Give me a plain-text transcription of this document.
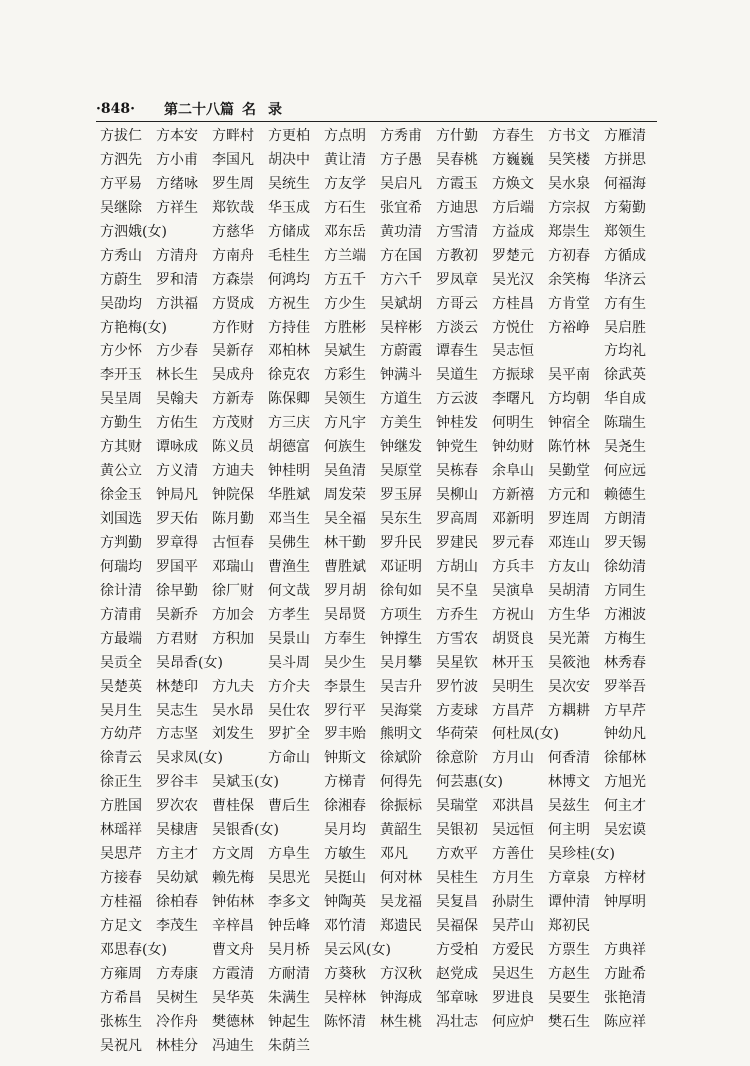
·848·	第二十八篇 名录
方拔仁 方本安 方畔村 方更柏 方点明 方秀甫 方什勤 方春生 方书文 方雁清
方泗先 方小甫 李国凡 胡决中 黄让清 方子愚 吴春桃 方巍巍 吴笑楼 方拼思
方平易 方绪咏 罗生周 吴统生 方友学 吴启凡 方霞玉 方焕文 吴水泉 何福海
吴继除 方祥生 郑钦哉 华玉成 方石生 张宜希 方迪思 方后端 方宗叔 方菊勤
方泗娥(女)	方慈华 方储成 邓东岳 黄功清 方雪清 方益成 郑崇生 郑领生
方秀山 方清舟 方南舟 毛桂生 方兰端 方在国 方教初 罗楚元 方初春 方循成
方蔚生 罗和清 方森崇 何鸿均 方五千 方六千 罗凤章 吴光汉 余笑梅 华济云
吴劭均 方洪福 方贤成 方祝生 方少生 吴斌胡 方哥云 方桂昌 方肯堂 方有生
方艳梅(女)	方作财 方持佳 方胜彬 吴梓彬 方淡云 方悦仕 方裕峥 吴启胜
方少怀 方少春 吴新存 邓柏林 吴斌生 方蔚霞 谭春生 吴志恒	方均礼
李开玉 林长生 吴成舟 徐克农 方彩生 钟满斗 吴道生 方振球 吴平南 徐武英
吴呈周 吴翰夫 方新寿 陈保卿 吴领生 方道生 方云波 李曙凡 方均朝 华自成
方勤生 方佑生 方茂财 方三庆 方凡宇 方美生 钟桂发 何明生 钟宿全 陈瑞生
方其财 谭咏成 陈义员 胡德富 何族生 钟继发 钟党生 钟幼财 陈竹林 吴尧生
黄公立 方义清 方迪夫 钟桂明 吴鱼清 吴原堂 吴栋春 余阜山 吴勤堂 何应远
徐金玉 钟局凡 钟院保 华胜斌 周发荣 罗玉屏 吴柳山 方新禧 方元和 赖德生
刘国选 罗天佑 陈月勤 邓当生 吴全福 吴东生 罗高周 邓新明 罗连周 方朗清
方判勤 罗章得 古恒春 吴佛生 林干勤 罗升民 罗建民 罗元春 邓连山 罗天锡
何瑞均 罗国平 邓瑞山 曹渔生 曹胜斌 邓证明 方胡山 方兵丰 方友山 徐幼清
徐计清 徐早勤 徐厂财 何文哉 罗月胡 徐旬如 吴不皇 吴演阜 吴胡清 方同生
方清甫 吴新乔 方加会 方孝生 吴昂贤 方项生 方乔生 方祝山 方生华 方湘波
方最端 方君财 方积加 吴景山 方奉生 钟撑生 方雪农 胡贤良 吴光萧 方梅生
吴贡全 吴昂香(女)	吴斗周 吴少生 吴月攀 吴星钦 林开玉 吴筱池 林秀春
吴楚英 林楚印 方九夫 方介夫 李景生 吴吉升 罗竹波 吴明生 吴次安 罗举吾
吴月生 吴志生 吴水昂 吴仕农 罗行平 吴海棠 方麦球 方昌芹 方耦耕 方早芹
方幼芹 方志坚 刘发生 罗扩全 罗丰贻 熊明文 华荷荣 何杜凤(女)	钟幼凡
徐青云 吴求凤(女)	方命山 钟斯文 徐斌阶 徐意阶 方月山 何香清 徐郁林
徐正生 罗谷丰 吴斌玉(女)	方梯青 何得先 何芸惠(女)	林博文 方旭光
方胜国 罗次农 曹桂保 曹后生 徐湘春 徐振标 吴瑞堂 邓洪昌 吴兹生 何主才
林瑶祥 吴棣唐 吴银香(女)	吴月均 黄韶生 吴银初 吴远恒 何主明 吴宏谟
吴思芹 方主才 方文周 方阜生 方敏生 邓凡 方欢平 方善仕 吴珍桂(女)
方接春 吴幼斌 赖先梅 吴思光 吴挺山 何对林 吴桂生 方月生 方章泉 方梓材
方桂福 徐柏春 钟佑林 李多文 钟陶英 吴龙福 吴复昌 孙尉生 谭仲清 钟厚明
方足文 李茂生 辛梓昌 钟岳峰 邓竹清 郑遗民 吴福保 吴芹山 郑初民
邓思春(女)	曹文舟 吴月桥 吴云风(女)	方受柏 方爱民 方票生 方典祥
方雍周 方寿康 方霞清 方耐清 方葵秋 方汉秋 赵党成 吴迟生 方赵生 方趾希
方希昌 吴树生 吴华英 朱满生 吴梓林 钟海成 邹章咏 罗进良 吴要生 张艳清
张栋生 冷作舟 樊德林 钟起生 陈怀清 林生桃 冯壮志 何应炉 樊石生 陈应祥
吴祝凡 林桂分 冯迪生 朱荫兰
